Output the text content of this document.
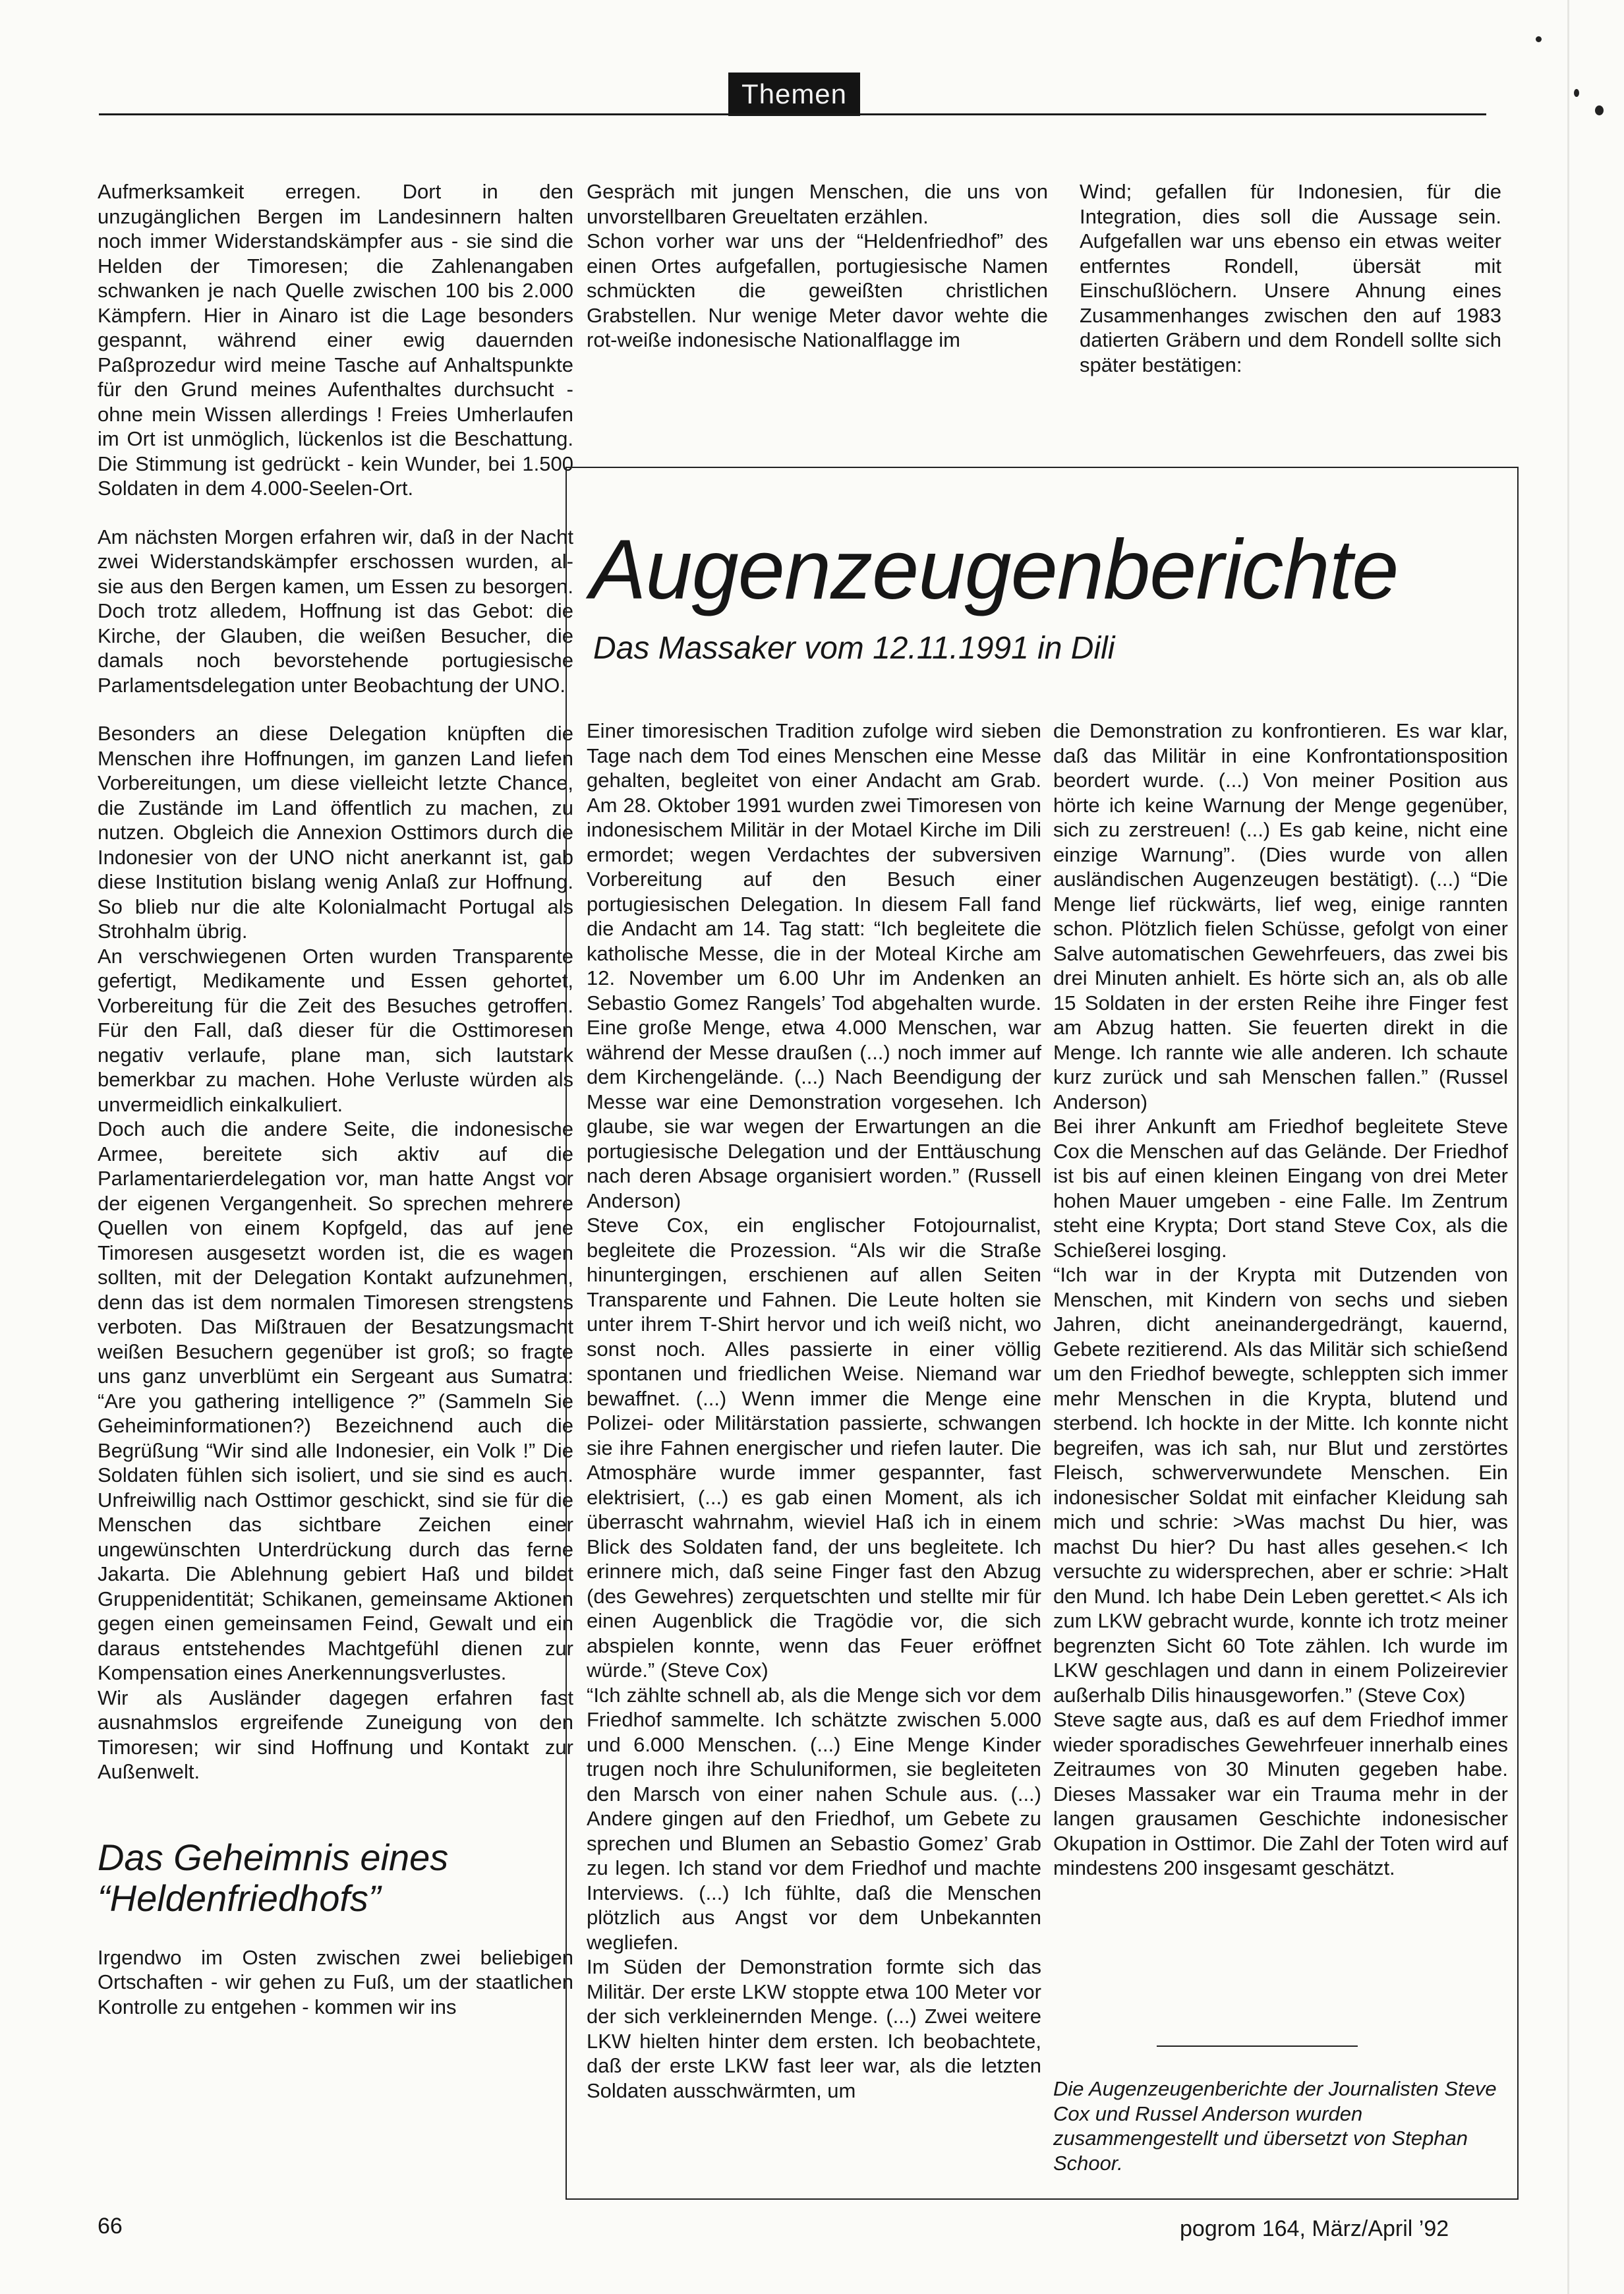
Themen

Aufmerksamkeit erregen. Dort in den unzugänglichen Bergen im Landesinnern halten noch immer Widerstandskämpfer aus - sie sind die Helden der Timoresen; die Zahlenangaben schwanken je nach Quelle zwischen 100 bis 2.000 Kämpfern. Hier in Ainaro ist die Lage besonders gespannt, während einer ewig dauernden Paßprozedur wird meine Tasche auf Anhaltspunkte für den Grund meines Aufenthaltes durchsucht - ohne mein Wissen allerdings ! Freies Umherlaufen im Ort ist unmöglich, lückenlos ist die Beschattung. Die Stimmung ist gedrückt - kein Wunder, bei 1.500 Soldaten in dem 4.000-Seelen-Ort.

Am nächsten Morgen erfahren wir, daß in der Nacht zwei Widerstandskämpfer erschossen wurden, al- sie aus den Bergen kamen, um Essen zu besorgen. Doch trotz alledem, Hoffnung ist das Gebot: die Kirche, der Glauben, die weißen Besucher, die damals noch bevorstehende portugiesische Parlamentsdelegation unter Beobachtung der UNO.

Besonders an diese Delegation knüpften die Menschen ihre Hoffnungen, im ganzen Land liefen Vorbereitungen, um diese vielleicht letzte Chance, die Zustände im Land öffentlich zu machen, zu nutzen. Obgleich die Annexion Osttimors durch die Indonesier von der UNO nicht anerkannt ist, gab diese Institution bislang wenig Anlaß zur Hoffnung. So blieb nur die alte Kolonialmacht Portugal als Strohhalm übrig.

An verschwiegenen Orten wurden Transparente gefertigt, Medikamente und Essen gehortet, Vorbereitung für die Zeit des Besuches getroffen. Für den Fall, daß dieser für die Osttimoresen negativ verlaufe, plane man, sich lautstark bemerkbar zu machen. Hohe Verluste würden als unvermeidlich einkalkuliert.

Doch auch die andere Seite, die indonesische Armee, bereitete sich aktiv auf die Parlamentarierdelegation vor, man hatte Angst vor der eigenen Vergangenheit. So sprechen mehrere Quellen von einem Kopfgeld, das auf jene Timoresen ausgesetzt worden ist, die es wagen sollten, mit der Delegation Kontakt aufzunehmen, denn das ist dem normalen Timoresen strengstens verboten. Das Mißtrauen der Besatzungsmacht weißen Besuchern gegenüber ist groß; so fragte uns ganz unverblümt ein Sergeant aus Sumatra: “Are you gathering intelligence ?” (Sammeln Sie Geheiminformationen?) Bezeichnend auch die Begrüßung “Wir sind alle Indonesier, ein Volk !” Die Soldaten fühlen sich isoliert, und sie sind es auch. Unfreiwillig nach Osttimor geschickt, sind sie für die Menschen das sichtbare Zeichen einer ungewünschten Unterdrückung durch das ferne Jakarta. Die Ablehnung gebiert Haß und bildet Gruppenidentität; Schikanen, gemeinsame Aktionen gegen einen gemeinsamen Feind, Gewalt und ein daraus entstehendes Machtgefühl dienen zur Kompensation eines Anerkennungsverlustes.

Wir als Ausländer dagegen erfahren fast ausnahmslos ergreifende Zuneigung von den Timoresen; wir sind Hoffnung und Kontakt zur Außenwelt.

Das Geheimnis eines
“Heldenfriedhofs”

Irgendwo im Osten zwischen zwei beliebigen Ortschaften - wir gehen zu Fuß, um der staatlichen Kontrolle zu entgehen - kommen wir ins

Gespräch mit jungen Menschen, die uns von unvorstellbaren Greueltaten erzählen.

Schon vorher war uns der “Heldenfriedhof” des einen Ortes aufgefallen, portugiesische Namen schmückten die geweißten christlichen Grabstellen. Nur wenige Meter davor wehte die rot-weiße indonesische Nationalflagge im

Wind; gefallen für Indonesien, für die Integration, dies soll die Aussage sein. Aufgefallen war uns ebenso ein etwas weiter entferntes Rondell, übersät mit Einschußlöchern. Unsere Ahnung eines Zusammenhanges zwischen den auf 1983 datierten Gräbern und dem Rondell sollte sich später bestätigen:

Augenzeugenberichte
Das Massaker vom 12.11.1991 in Dili

Einer timoresischen Tradition zufolge wird sieben Tage nach dem Tod eines Menschen eine Messe gehalten, begleitet von einer Andacht am Grab. Am 28. Oktober 1991 wurden zwei Timoresen von indonesischem Militär in der Motael Kirche im Dili ermordet; wegen Verdachtes der subversiven Vorbereitung auf den Besuch einer portugiesischen Delegation. In diesem Fall fand die Andacht am 14. Tag statt: “Ich begleitete die katholische Messe, die in der Moteal Kirche am 12. November um 6.00 Uhr im Andenken an Sebastio Gomez Rangels’ Tod abgehalten wurde. Eine große Menge, etwa 4.000 Menschen, war während der Messe draußen (...) noch immer auf dem Kirchengelände. (...) Nach Beendigung der Messe war eine Demonstration vorgesehen. Ich glaube, sie war wegen der Erwartungen an die portugiesische Delegation und der Enttäuschung nach deren Absage organisiert worden.” (Russell Anderson)

Steve Cox, ein englischer Fotojournalist, begleitete die Prozession. “Als wir die Straße hinuntergingen, erschienen auf allen Seiten Transparente und Fahnen. Die Leute holten sie unter ihrem T-Shirt hervor und ich weiß nicht, wo sonst noch. Alles passierte in einer völlig spontanen und friedlichen Weise. Niemand war bewaffnet. (...) Wenn immer die Menge eine Polizei- oder Militärstation passierte, schwangen sie ihre Fahnen energischer und riefen lauter. Die Atmosphäre wurde immer gespannter, fast elektrisiert, (...) es gab einen Moment, als ich überrascht wahrnahm, wieviel Haß ich in einem Blick des Soldaten fand, der uns begleitete. Ich erinnere mich, daß seine Finger fast den Abzug (des Gewehres) zerquetschten und stellte mir für einen Augenblick die Tragödie vor, die sich abspielen konnte, wenn das Feuer eröffnet würde.” (Steve Cox)

“Ich zählte schnell ab, als die Menge sich vor dem Friedhof sammelte. Ich schätzte zwischen 5.000 und 6.000 Menschen. (...) Eine Menge Kinder trugen noch ihre Schuluniformen, sie begleiteten den Marsch von einer nahen Schule aus. (...) Andere gingen auf den Friedhof, um Gebete zu sprechen und Blumen an Sebastio Gomez’ Grab zu legen. Ich stand vor dem Friedhof und machte Interviews. (...) Ich fühlte, daß die Menschen plötzlich aus Angst vor dem Unbekannten wegliefen.

Im Süden der Demonstration formte sich das Militär. Der erste LKW stoppte etwa 100 Meter vor der sich verkleinernden Menge. (...) Zwei weitere LKW hielten hinter dem ersten. Ich beobachtete, daß der erste LKW fast leer war, als die letzten Soldaten ausschwärmten, um

die Demonstration zu konfrontieren. Es war klar, daß das Militär in eine Konfrontationsposition beordert wurde. (...) Von meiner Position aus hörte ich keine Warnung der Menge gegenüber, sich zu zerstreuen! (...) Es gab keine, nicht eine einzige Warnung”. (Dies wurde von allen ausländischen Augenzeugen bestätigt). (...) “Die Menge lief rückwärts, lief weg, einige rannten schon. Plötzlich fielen Schüsse, gefolgt von einer Salve automatischen Gewehrfeuers, das zwei bis drei Minuten anhielt. Es hörte sich an, als ob alle 15 Soldaten in der ersten Reihe ihre Finger fest am Abzug hatten. Sie feuerten direkt in die Menge. Ich rannte wie alle anderen. Ich schaute kurz zurück und sah Menschen fallen.” (Russel Anderson)

Bei ihrer Ankunft am Friedhof begleitete Steve Cox die Menschen auf das Gelände. Der Friedhof ist bis auf einen kleinen Eingang von drei Meter hohen Mauer umgeben - eine Falle. Im Zentrum steht eine Krypta; Dort stand Steve Cox, als die Schießerei losging.

“Ich war in der Krypta mit Dutzenden von Menschen, mit Kindern von sechs und sieben Jahren, dicht aneinandergedrängt, kauernd, Gebete rezitierend. Als das Militär sich schießend um den Friedhof bewegte, schleppten sich immer mehr Menschen in die Krypta, blutend und sterbend. Ich hockte in der Mitte. Ich konnte nicht begreifen, was ich sah, nur Blut und zerstörtes Fleisch, schwerverwundete Menschen. Ein indonesischer Soldat mit einfacher Kleidung sah mich und schrie: >Was machst Du hier, was machst Du hier? Du hast alles gesehen.< Ich versuchte zu widersprechen, aber er schrie: >Halt den Mund. Ich habe Dein Leben gerettet.< Als ich zum LKW gebracht wurde, konnte ich trotz meiner begrenzten Sicht 60 Tote zählen. Ich wurde im LKW geschlagen und dann in einem Polizeirevier außerhalb Dilis hinausgeworfen.” (Steve Cox)

Steve sagte aus, daß es auf dem Friedhof immer wieder sporadisches Gewehrfeuer innerhalb eines Zeitraumes von 30 Minuten gegeben habe. Dieses Massaker war ein Trauma mehr in der langen grausamen Geschichte indonesischer Okupation in Osttimor. Die Zahl der Toten wird auf mindestens 200 insgesamt geschätzt.

Die Augenzeugenberichte der Journalisten Steve Cox und Russel Anderson wurden zusammengestellt und übersetzt von Stephan Schoor.
66	pogrom 164, März/April ’92
